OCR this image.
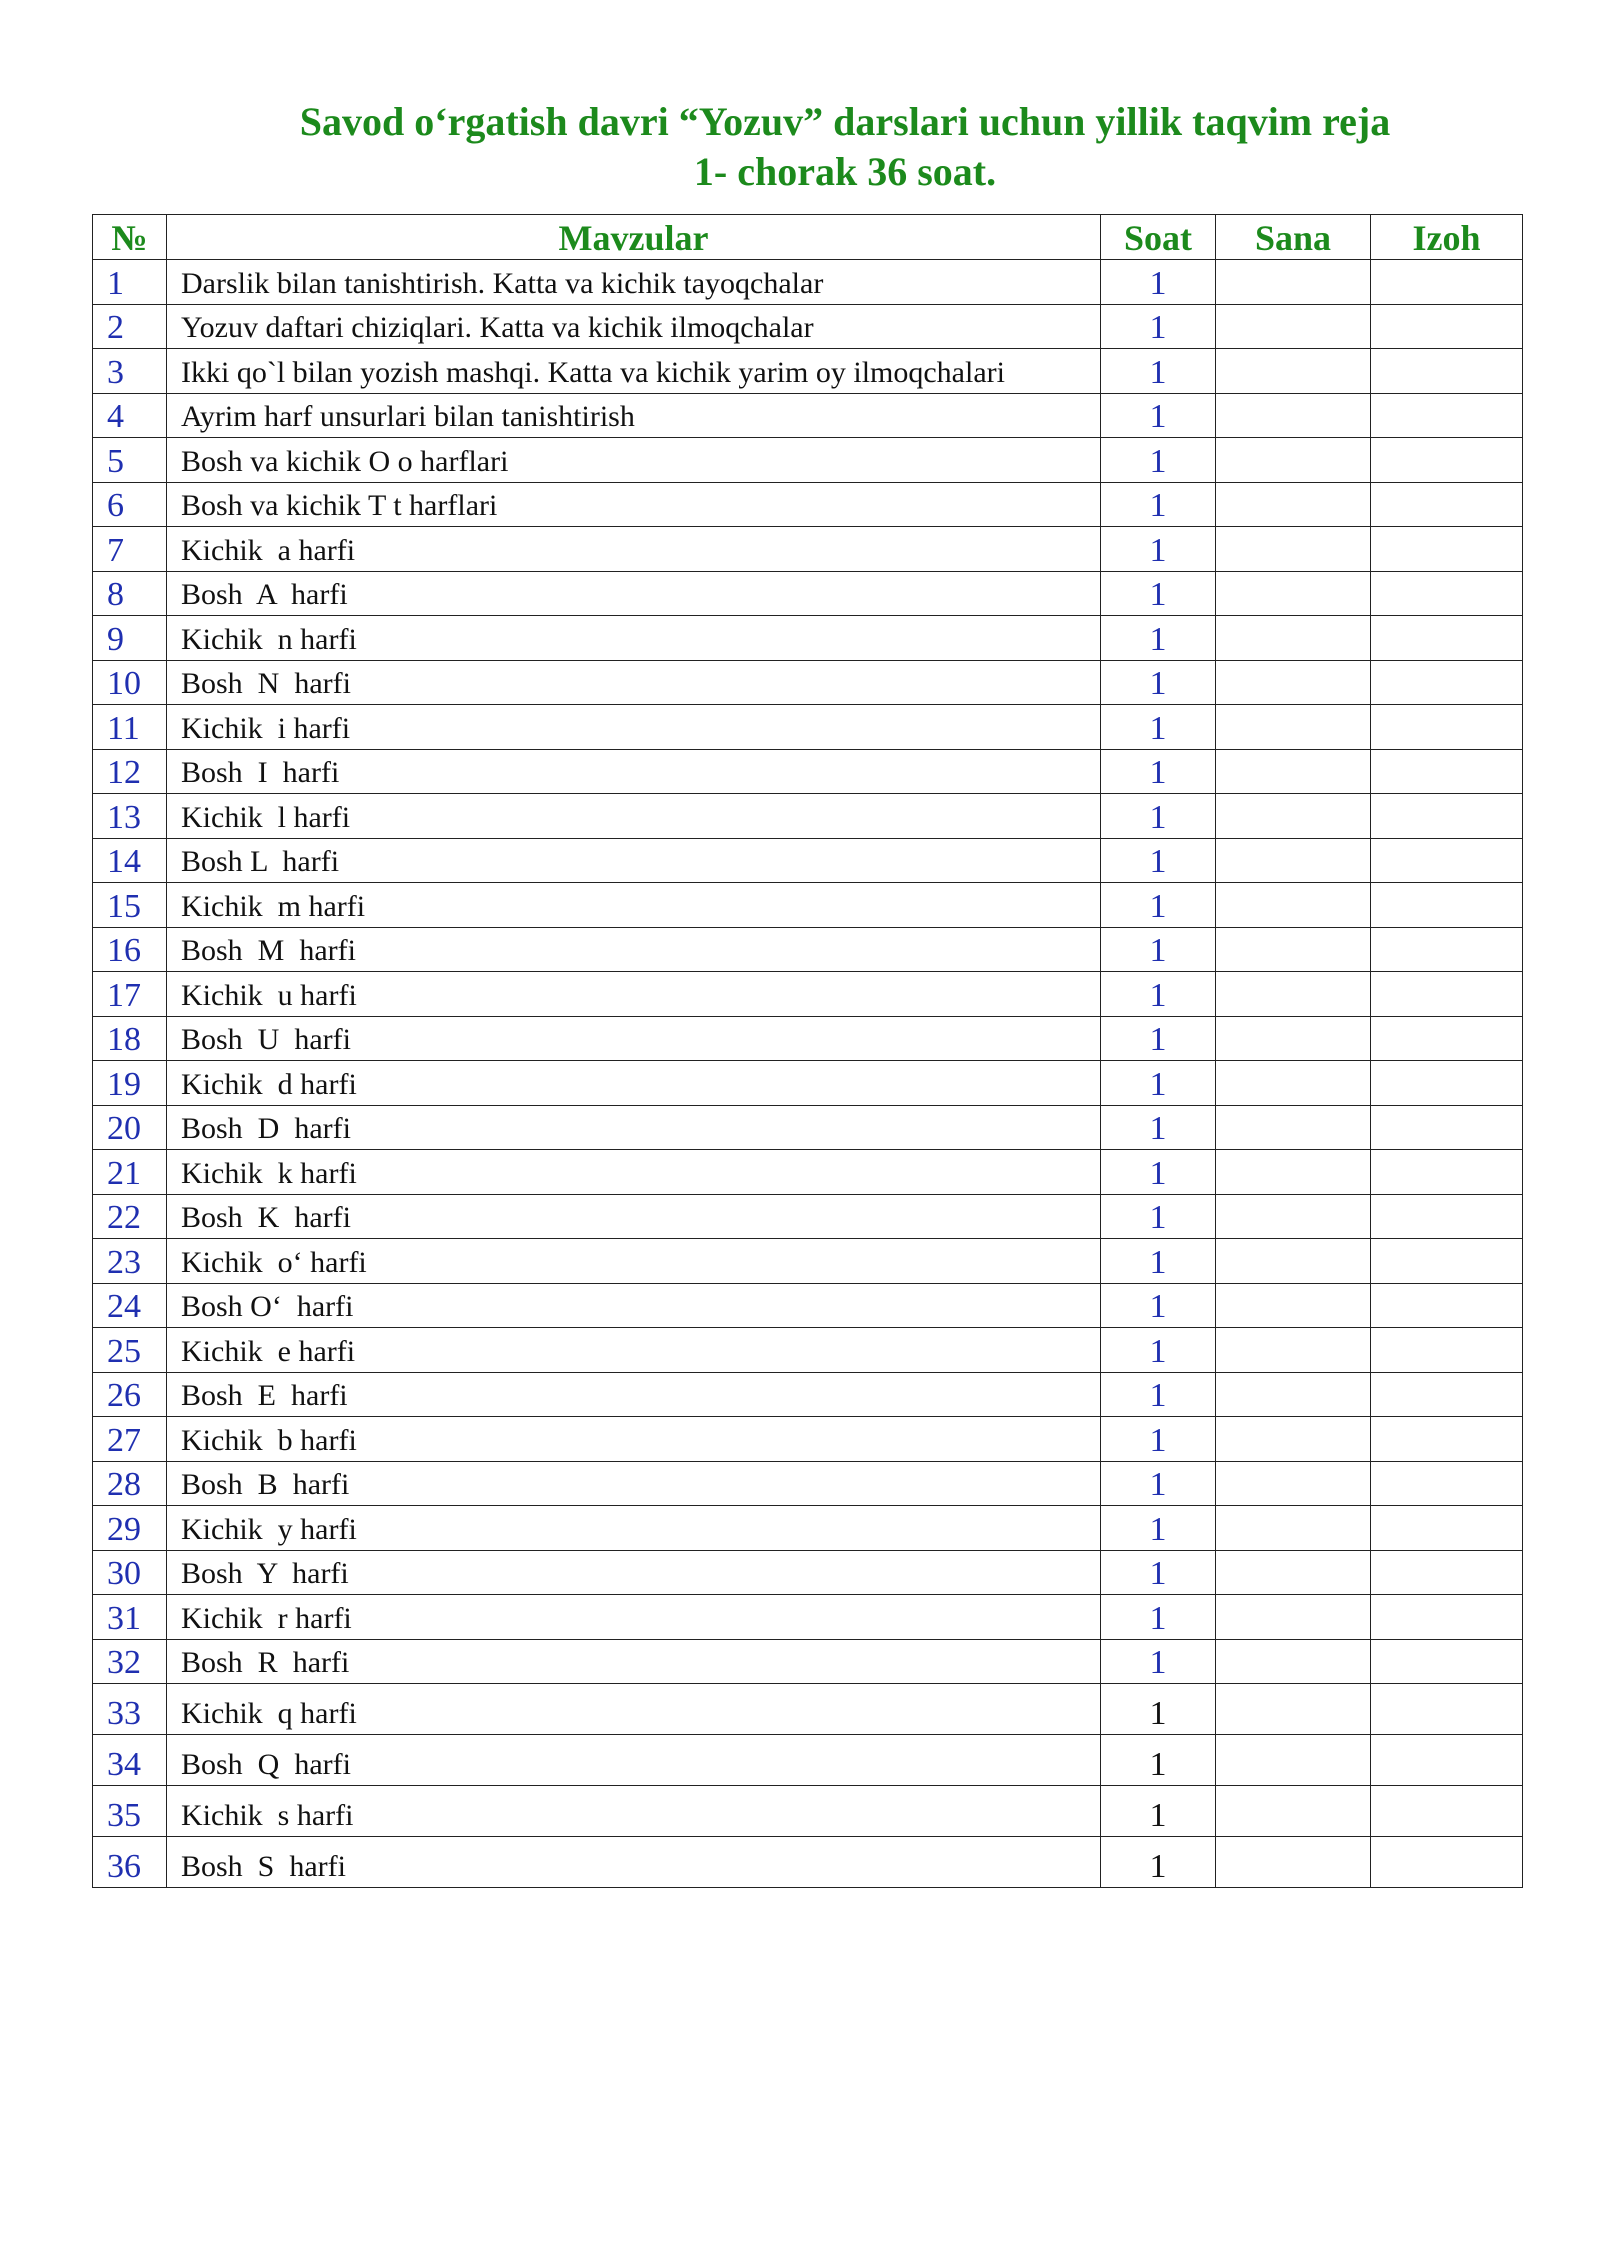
Savod o‘rgatish davri “Yozuv” darslari uchun yillik taqvim reja
1- chorak 36 soat.
№	Mavzular	Soat	Sana	Izoh
1	Darslik bilan tanishtirish. Katta va kichik tayoqchalar	1		
2	Yozuv daftari chiziqlari. Katta va kichik ilmoqchalar	1		
3	Ikki qo`l bilan yozish mashqi. Katta va kichik yarim oy ilmoqchalari	1		
4	Ayrim harf unsurlari bilan tanishtirish	1		
5	Bosh va kichik O o harflari	1		
6	Bosh va kichik T t harflari	1		
7	Kichik  a harfi	1		
8	Bosh  A  harfi	1		
9	Kichik  n harfi	1		
10	Bosh  N  harfi	1		
11	Kichik  i harfi	1		
12	Bosh  I  harfi	1		
13	Kichik  l harfi	1		
14	Bosh L  harfi	1		
15	Kichik  m harfi	1		
16	Bosh  M  harfi	1		
17	Kichik  u harfi	1		
18	Bosh  U  harfi	1		
19	Kichik  d harfi	1		
20	Bosh  D  harfi	1		
21	Kichik  k harfi	1		
22	Bosh  K  harfi	1		
23	Kichik  o‘ harfi	1		
24	Bosh O‘  harfi	1		
25	Kichik  e harfi	1		
26	Bosh  E  harfi	1		
27	Kichik  b harfi	1		
28	Bosh  B  harfi	1		
29	Kichik  y harfi	1		
30	Bosh  Y  harfi	1		
31	Kichik  r harfi	1		
32	Bosh  R  harfi	1		
33	Kichik  q harfi	1		
34	Bosh  Q  harfi	1		
35	Kichik  s harfi	1		
36	Bosh  S  harfi	1		
